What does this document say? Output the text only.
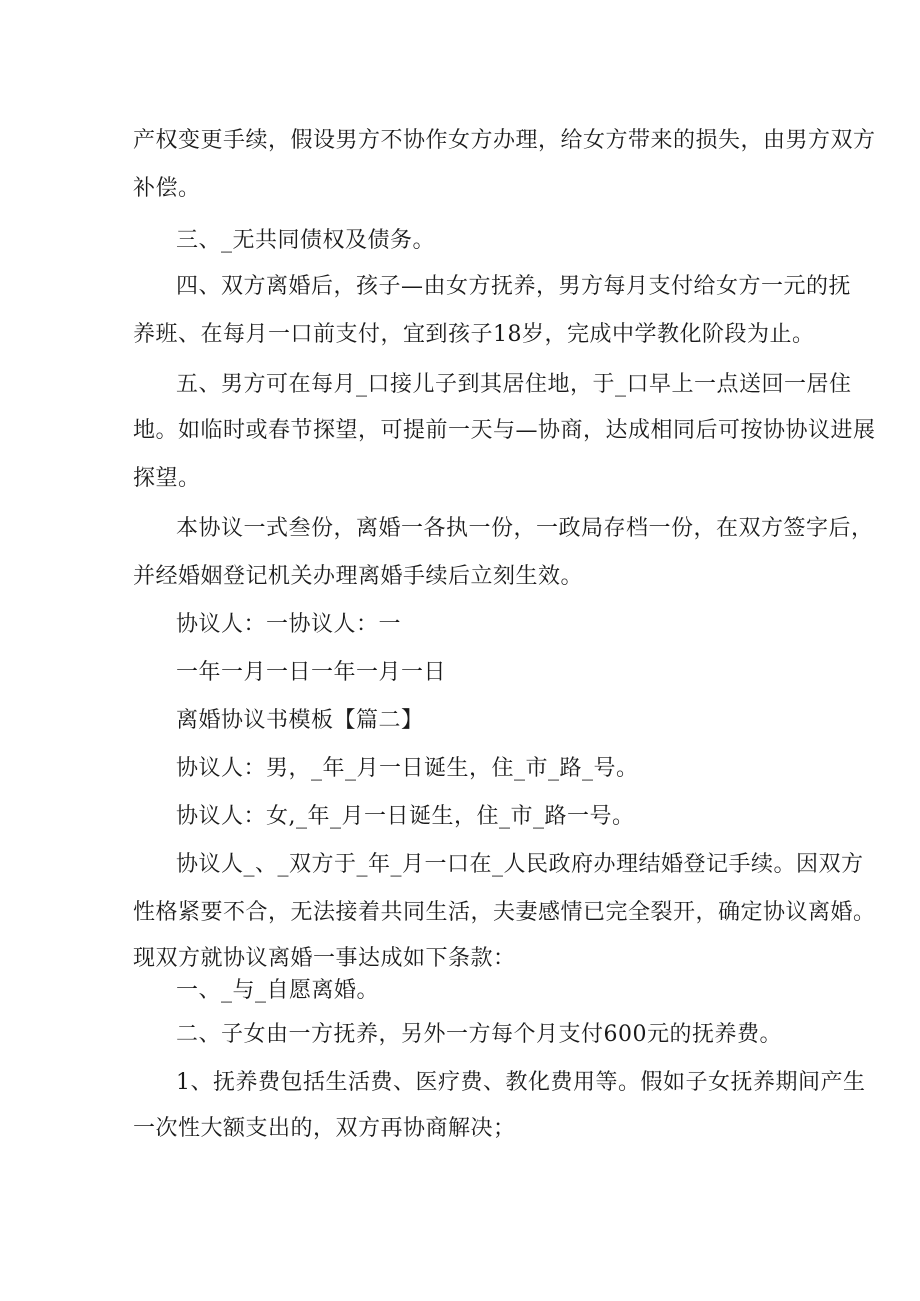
产权变更手续，假设男方不协作女方办理，给女方带来的损失，由男方双方
补偿。
三、_无共同债权及债务。
四、双方离婚后，孩子—由女方抚养，男方每月支付给女方一元的抚
养班、在每月一口前支付，宜到孩子18岁，完成中学教化阶段为止。
五、男方可在每月_口接儿子到其居住地，于_口早上一点送回一居住
地。如临时或春节探望，可提前一天与—协商，达成相同后可按协协议进展
探望。
本协议一式叁份，离婚一各执一份，一政局存档一份，在双方签字后，
并经婚姻登记机关办理离婚手续后立刻生效。
协议人：一协议人：一
一年一月一日一年一月一日
离婚协议书模板【篇二】
协议人：男，_年_月一日诞生，住_市_路_号。
协议人：女,_年_月一日诞生，住_市_路一号。
协议人_、_双方于_年_月一口在_人民政府办理结婚登记手续。因双方
性格紧要不合，无法接着共同生活，夫妻感情已完全裂开，确定协议离婚。
现双方就协议离婚一事达成如下条款：
一、_与_自愿离婚。
二、子女由一方抚养，另外一方每个月支付600元的抚养费。
1、抚养费包括生活费、医疗费、教化费用等。假如子女抚养期间产生
一次性大额支出的，双方再协商解决；
